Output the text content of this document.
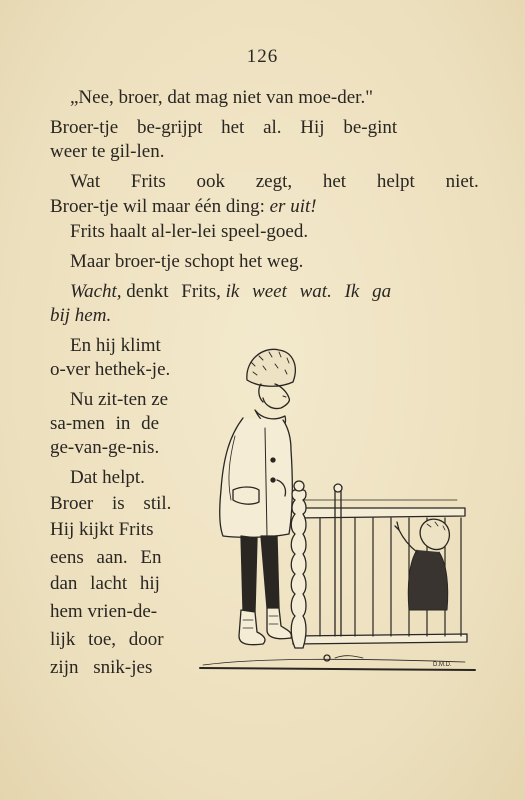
126
„Nee, broer, dat mag niet van moe-der."
Broer-tje be-grijpt het al. Hij be-gint
weer te gil-len.
Wat Frits ook zegt, het helpt niet.
Broer-tje wil maar één ding: er uit!
Frits haalt al-ler-lei speel-goed.
Maar broer-tje schopt het weg.
Wacht, denkt Frits, ik weet wat. Ik ga
bij hem.
En hij klimt
o-ver hethek-je.
Nu zit-ten ze
sa-men in de
ge-van-ge-nis.
Dat helpt.
Broer is stil.
Hij kijkt Frits
eens aan. En
dan lacht hij
hem vrien-de-
lijk toe, door
zijn snik-jes	D.M.D.
